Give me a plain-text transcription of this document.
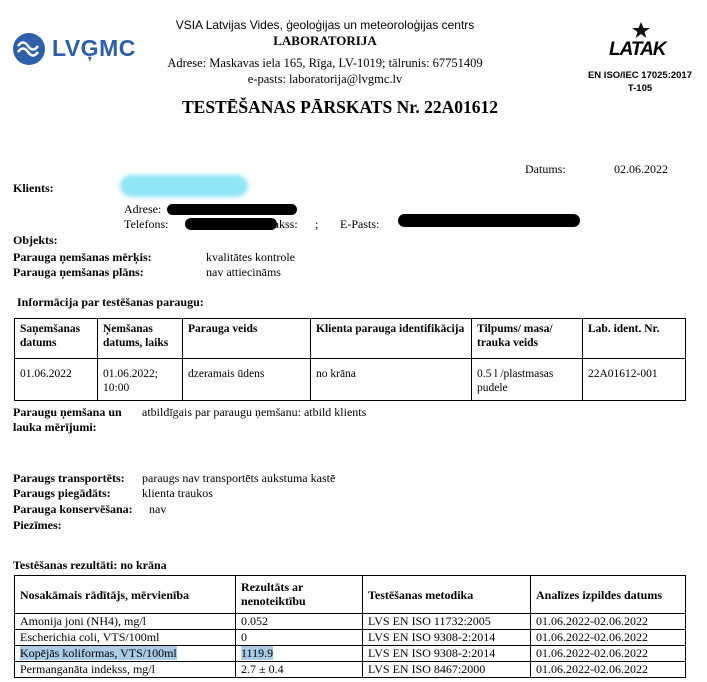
LVĢMC
VSIA Latvijas Vides, ģeoloģijas un meteoroloģijas centrs
LABORATORIJA
Adrese: Maskavas iela 165, Rīga, LV-1019; tālrunis: 67751409
e-pasts: laboratorija@lvgmc.lv
LATAK
EN ISO/IEC 17025:2017
T-105
TESTĒŠANAS PĀRSKATS Nr. 22A01612
Datums:	02.06.2022
Klients:
Adrese:
Telefons:	Fakss: ; E-Pasts:
Objekts:
Parauga ņemšanas mērķis:	kvalitātes kontrole
Parauga ņemšanas plāns:	nav attiecināms
Informācija par testēšanas paraugu:
Saņemšanas datums	Ņemšanas datums, laiks	Parauga veids	Klienta parauga identifikācija	Tilpums/ masa/ trauka veids	Lab. ident. Nr.
01.06.2022	01.06.2022; 10:00	dzeramais ūdens	no krāna	0.5 l /plastmasas pudele	22A01612-001
Paraugu ņemšana un lauka mērījumi:
atbildīgais par paraugu ņemšanu: atbild klients
Paraugs transportēts: paraugs nav transportēts aukstuma kastē
Paraugs piegādāts:	klienta traukos
Parauga konservēšana: nav
Piezīmes:
Testēšanas rezultāti: no krāna
Nosakāmais rādītājs, mērvienība	Rezultāts ar nenoteiktību	Testēšanas metodika	Analīzes izpildes datums
Amonija joni (NH4), mg/l	0.052	LVS EN ISO 11732:2005	01.06.2022-02.06.2022
Escherichia coli, VTS/100ml	0	LVS EN ISO 9308-2:2014	01.06.2022-02.06.2022
Kopējās koliformas, VTS/100ml	1119.9	LVS EN ISO 9308-2:2014	01.06.2022-02.06.2022
Permanganāta indekss, mg/l	2.7 ± 0.4	LVS EN ISO 8467:2000	01.06.2022-02.06.2022
